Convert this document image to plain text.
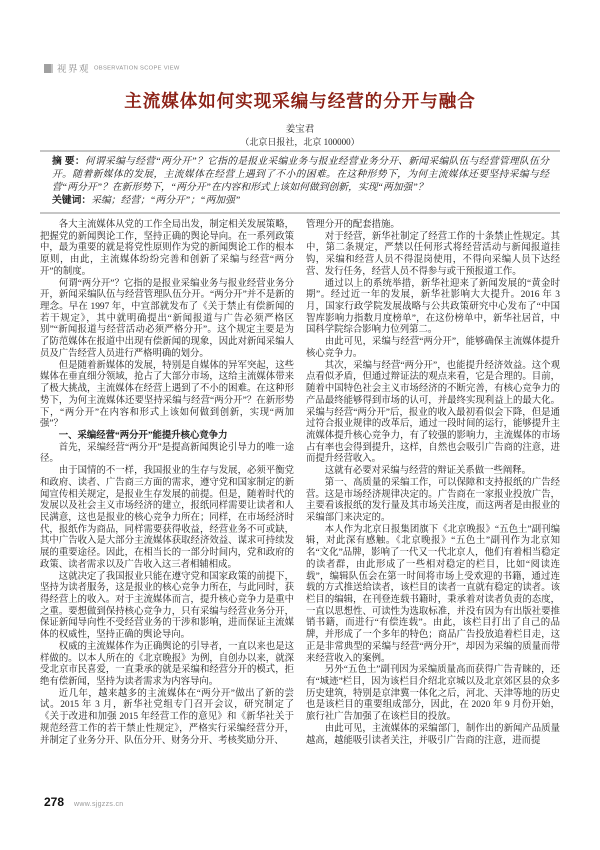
视界观 OBSERVATION SCOPE VIEW
主流媒体如何实现采编与经营的分开与融合
姜宝君
（北京日报社，北京 100000）
摘 要：何谓采编与经营“两分开”？它指的是报业采编业务与报业经营业务分开、新闻采编队伍与经营管理队伍分开。随着新媒体的发展，主流媒体在经营上遇到了不小的困难。在这种形势下，为何主流媒体还要坚持采编与经营“两分开”？在新形势下，“两分开”在内容和形式上该如何做到创新，实现“两加强”？
关键词：采编；经营；“两分开”；“两加强”

各大主流媒体从党的工作全局出发，制定相关发展策略，把握党的新闻舆论工作，坚持正确的舆论导向。在一系列政策中，最为重要的就是将党性原则作为党的新闻舆论工作的根本原则，由此，主流媒体纷纷完善和创新了采编与经营“两分开”的制度。

何谓“两分开”？它指的是报业采编业务与报业经营业务分开，新闻采编队伍与经营管理队伍分开。“两分开”并不是新的理念。早在 1997 年，中宣部就发布了《关于禁止有偿新闻的若干规定》，其中就明确提出“新闻报道与广告必须严格区别”“新闻报道与经营活动必须严格分开”。这个规定主要是为了防范媒体在报道中出现有偿新闻的现象，因此对新闻采编人员及广告经营人员进行严格明确的划分。

但是随着新媒体的发展，特别是自媒体的异军突起，这些媒体在垂直细分领域，抢占了大部分市场，这给主流媒体带来了极大挑战，主流媒体在经营上遇到了不小的困难。在这种形势下，为何主流媒体还要坚持采编与经营“两分开”？在新形势下，“两分开”在内容和形式上该如何做到创新，实现“两加强”？

一、采编经营“两分开”能提升核心竞争力

首先，采编经营“两分开”是提高新闻舆论引导力的唯一途径。

由于国情的不一样，我国报业的生存与发展，必须平衡党和政府、读者、广告商三方面的需求，遵守党和国家制定的新闻宣传相关规定，是报业生存发展的前提。但是，随着时代的发展以及社会主义市场经济的建立，报纸同样需要让读者和人民满意，这也是报业的核心竞争力所在；同样，在市场经济时代，报纸作为商品，同样需要获得收益，经营业务不可或缺，其中广告收入是大部分主流媒体获取经济效益、谋求可持续发展的重要途径。因此，在相当长的一部分时间内，党和政府的政策、读者需求以及广告收入这三者相辅相成。

这就决定了我国报业只能在遵守党和国家政策的前提下，坚持为读者服务，这是报业的核心竞争力所在，与此同时，获得经营上的收入。对于主流媒体而言，提升核心竞争力是重中之重。要想做到保持核心竞争力，只有采编与经营业务分开，保证新闻导向性不受经营业务的干涉和影响，进而保证主流媒体的权威性，坚持正确的舆论导向。

权威的主流媒体作为正确舆论的引导者，一直以来也是这样做的。以本人所在的《北京晚报》为例，自创办以来，就深受北京市民喜爱，一直秉承的就是采编和经营分开的模式，拒绝有偿新闻，坚持为读者需求为内容导向。

近几年，越来越多的主流媒体在“两分开”做出了新的尝试。2015 年 3 月，新华社党组专门召开会议，研究制定了《关于改进和加强 2015 年经营工作的意见》和《新华社关于规范经营工作的若干禁止性规定》，严格实行采编经营分开，并制定了业务分开、队伍分开、财务分开、考核奖励分开、

管理分开的配套措施。

对于经营，新华社制定了经营工作的十条禁止性规定。其中，第二条规定，严禁以任何形式将经营活动与新闻报道挂钩，采编和经营人员不得混岗使用，不得向采编人员下达经营、发行任务，经营人员不得参与或干预报道工作。

通过以上的系统举措，新华社迎来了新闻发展的“黄金时期”。经过近一年的发展，新华社影响大大提升。2016 年 3 月，国家行政学院发展战略与公共政策研究中心发布了“中国智库影响力指数月度榜单”，在这份榜单中，新华社居首，中国科学院综合影响力位列第二。

由此可见，采编与经营“两分开”，能够确保主流媒体提升核心竞争力。

其次，采编与经营“两分开”，也能提升经济效益。这个观点看似矛盾，但通过辩证法的观点来看，它是合理的。目前，随着中国特色社会主义市场经济的不断完善，有核心竞争力的产品最终能够得到市场的认可，并最终实现利益上的最大化。采编与经营“两分开”后，报业的收入最初看似会下降，但是通过符合报业规律的改革后，通过一段时间的运行，能够提升主流媒体提升核心竞争力，有了较强的影响力，主流媒体的市场占有率也会得到提升，这样，自然也会吸引广告商的注意，进而提升经营收入。

这就有必要对采编与经营的辩证关系做一些阐释。

第一、高质量的采编工作，可以保障和支持报纸的广告经营。这是市场经济规律决定的。广告商在一家报业投放广告，主要看该报纸的发行量及其市场关注度，而这两者是由报业的采编部门来决定的。

本人作为北京日报集团旗下《北京晚报》“五色土”副刊编辑，对此深有感触。《北京晚报》“五色土”副刊作为北京知名“文化”品牌，影响了一代又一代北京人，他们有着相当稳定的读者群，由此形成了一些相对稳定的栏目，比如“阅读连载”，编辑队伍会在第一时间将市场上受欢迎的书籍，通过连载的方式推送给读者，该栏目的读者一直就有稳定的读者。该栏目的编辑，在刊登连载书籍时，秉承着对读者负责的态度，一直以思想性、可读性为选取标准，并没有因为有出版社要推销书籍，而进行“有偿连载”。由此，该栏目打出了自己的品牌，并形成了一个多年的特色；商品广告投放追着栏目走，这正是非常典型的采编与经营“两分开”，却因为采编的质量而带来经营收入的案例。

另外“五色土”副刊因为采编质量高而获得广告青睐的，还有“城迹”栏目，因为该栏目介绍北京城以及北京郊区县的众多历史建筑，特别是京津冀一体化之后，河北、天津等地的历史也是该栏目的重要组成部分，因此，在 2020 年 9 月份开始，旅行社广告加强了在该栏目的投放。

由此可见，主流媒体的采编部门，制作出的新闻产品质量越高，越能吸引读者关注，并吸引广告商的注意，进而提

278 www.sjgzzs.cn
